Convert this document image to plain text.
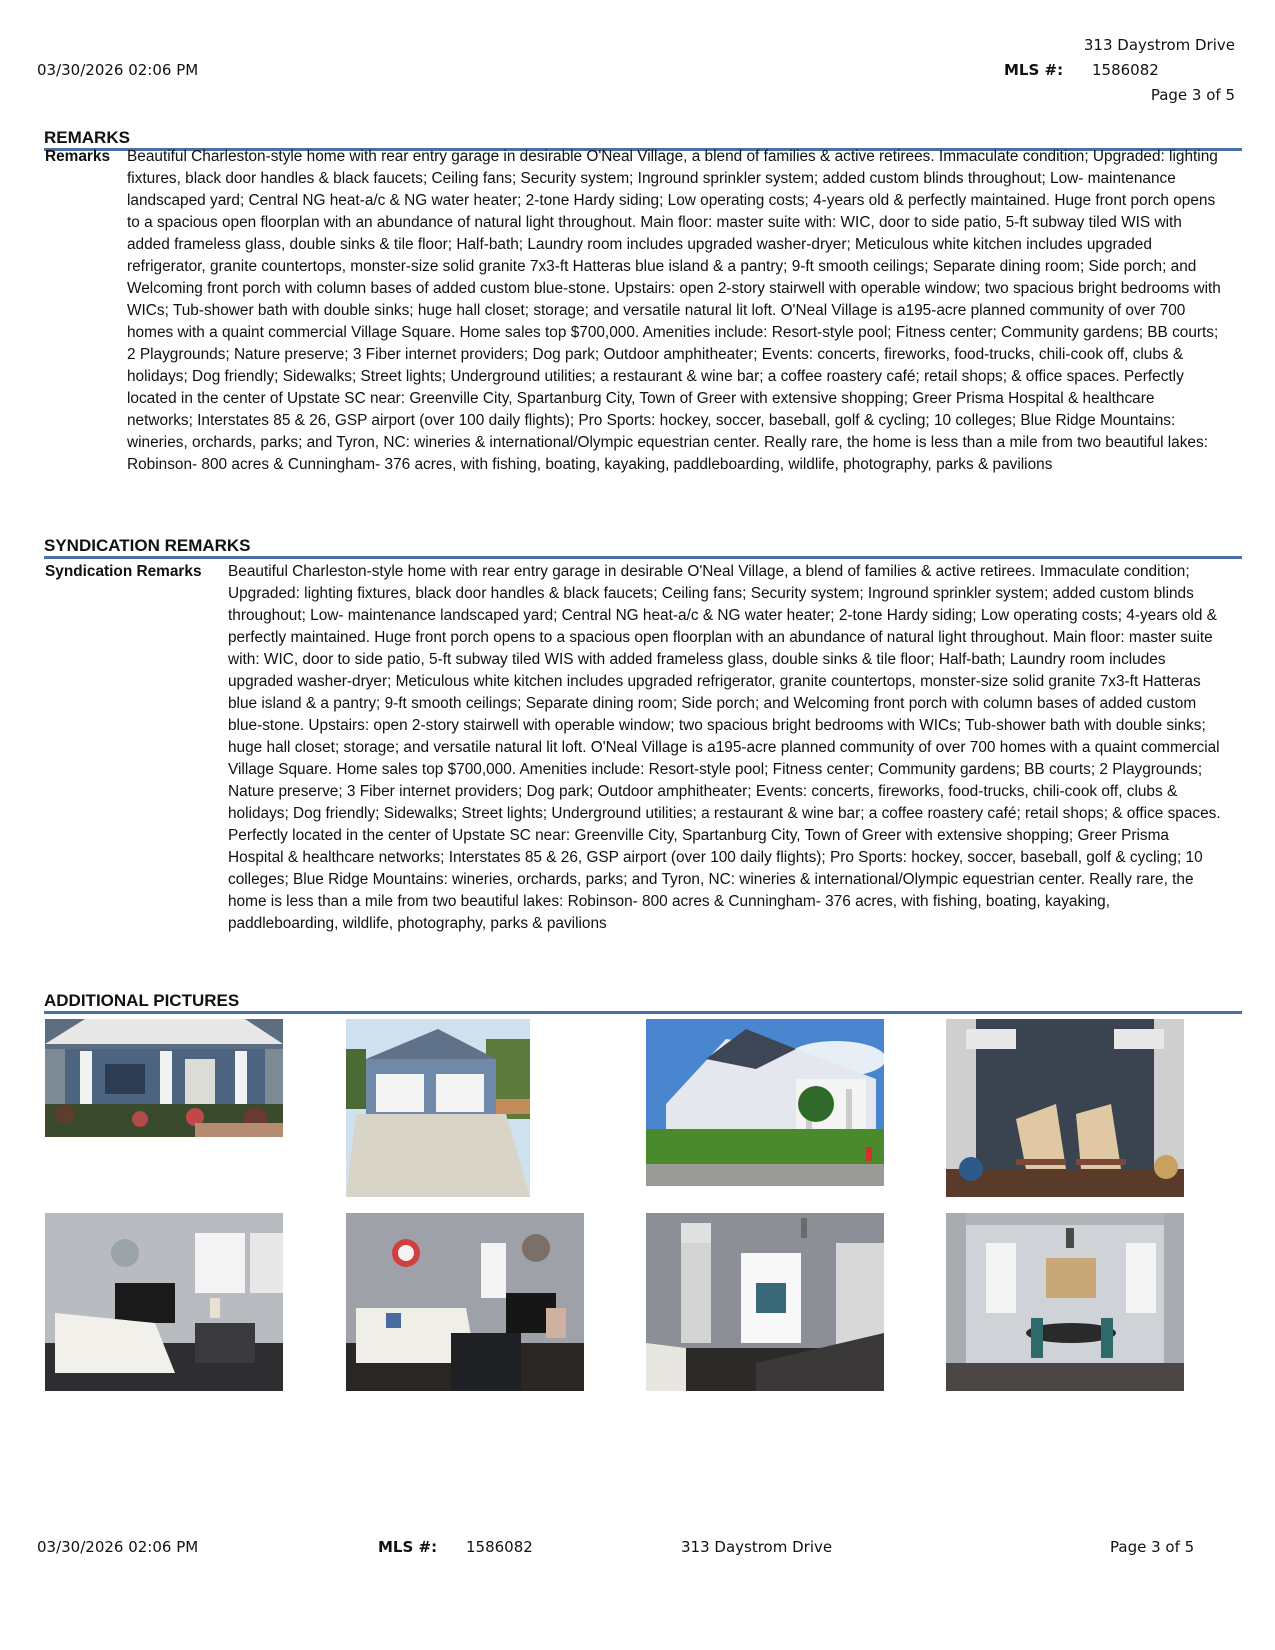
313 Daystrom Drive
03/30/2026 02:06 PM	MLS #: 1586082
Page 3 of 5
REMARKS
Remarks	Beautiful Charleston-style home with rear entry garage in desirable O'Neal Village, a blend of families & active retirees. Immaculate condition; Upgraded: lighting fixtures, black door handles & black faucets; Ceiling fans; Security system; Inground sprinkler system; added custom blinds throughout; Low- maintenance landscaped yard; Central NG heat-a/c & NG water heater; 2-tone Hardy siding; Low operating costs; 4-years old & perfectly maintained. Huge front porch opens to a spacious open floorplan with an abundance of natural light throughout. Main floor: master suite with: WIC, door to side patio, 5-ft subway tiled WIS with added frameless glass, double sinks & tile floor; Half-bath; Laundry room includes upgraded washer-dryer; Meticulous white kitchen includes upgraded refrigerator, granite countertops, monster-size solid granite 7x3-ft Hatteras blue island & a pantry; 9-ft smooth ceilings; Separate dining room; Side porch; and Welcoming front porch with column bases of added custom blue-stone. Upstairs: open 2-story stairwell with operable window; two spacious bright bedrooms with WICs; Tub-shower bath with double sinks; huge hall closet; storage; and versatile natural lit loft. O'Neal Village is a195-acre planned community of over 700 homes with a quaint commercial Village Square. Home sales top $700,000. Amenities include: Resort-style pool; Fitness center; Community gardens; BB courts; 2 Playgrounds; Nature preserve; 3 Fiber internet providers; Dog park; Outdoor amphitheater; Events: concerts, fireworks, food-trucks, chili-cook off, clubs & holidays; Dog friendly; Sidewalks; Street lights; Underground utilities; a restaurant & wine bar; a coffee roastery café; retail shops; & office spaces. Perfectly located in the center of Upstate SC near: Greenville City, Spartanburg City, Town of Greer with extensive shopping; Greer Prisma Hospital & healthcare networks; Interstates 85 & 26, GSP airport (over 100 daily flights); Pro Sports: hockey, soccer, baseball, golf & cycling; 10 colleges; Blue Ridge Mountains: wineries, orchards, parks; and Tyron, NC: wineries & international/Olympic equestrian center. Really rare, the home is less than a mile from two beautiful lakes: Robinson- 800 acres & Cunningham- 376 acres, with fishing, boating, kayaking, paddleboarding, wildlife, photography, parks & pavilions
SYNDICATION REMARKS
Syndication Remarks	Beautiful Charleston-style home with rear entry garage in desirable O'Neal Village, a blend of families & active retirees. Immaculate condition; Upgraded: lighting fixtures, black door handles & black faucets; Ceiling fans; Security system; Inground sprinkler system; added custom blinds throughout; Low- maintenance landscaped yard; Central NG heat-a/c & NG water heater; 2-tone Hardy siding; Low operating costs; 4-years old & perfectly maintained. Huge front porch opens to a spacious open floorplan with an abundance of natural light throughout. Main floor: master suite with: WIC, door to side patio, 5-ft subway tiled WIS with added frameless glass, double sinks & tile floor; Half-bath; Laundry room includes upgraded washer-dryer; Meticulous white kitchen includes upgraded refrigerator, granite countertops, monster-size solid granite 7x3-ft Hatteras blue island & a pantry; 9-ft smooth ceilings; Separate dining room; Side porch; and Welcoming front porch with column bases of added custom blue-stone. Upstairs: open 2-story stairwell with operable window; two spacious bright bedrooms with WICs; Tub-shower bath with double sinks; huge hall closet; storage; and versatile natural lit loft. O'Neal Village is a195-acre planned community of over 700 homes with a quaint commercial Village Square. Home sales top $700,000. Amenities include: Resort-style pool; Fitness center; Community gardens; BB courts; 2 Playgrounds; Nature preserve; 3 Fiber internet providers; Dog park; Outdoor amphitheater; Events: concerts, fireworks, food-trucks, chili-cook off, clubs & holidays; Dog friendly; Sidewalks; Street lights; Underground utilities; a restaurant & wine bar; a coffee roastery café; retail shops; & office spaces. Perfectly located in the center of Upstate SC near: Greenville City, Spartanburg City, Town of Greer with extensive shopping; Greer Prisma Hospital & healthcare networks; Interstates 85 & 26, GSP airport (over 100 daily flights); Pro Sports: hockey, soccer, baseball, golf & cycling; 10 colleges; Blue Ridge Mountains: wineries, orchards, parks; and Tyron, NC: wineries & international/Olympic equestrian center. Really rare, the home is less than a mile from two beautiful lakes: Robinson- 800 acres & Cunningham- 376 acres, with fishing, boating, kayaking, paddleboarding, wildlife, photography, parks & pavilions
ADDITIONAL PICTURES
03/30/2026 02:06 PM	MLS #: 1586082	313 Daystrom Drive	Page 3 of 5
